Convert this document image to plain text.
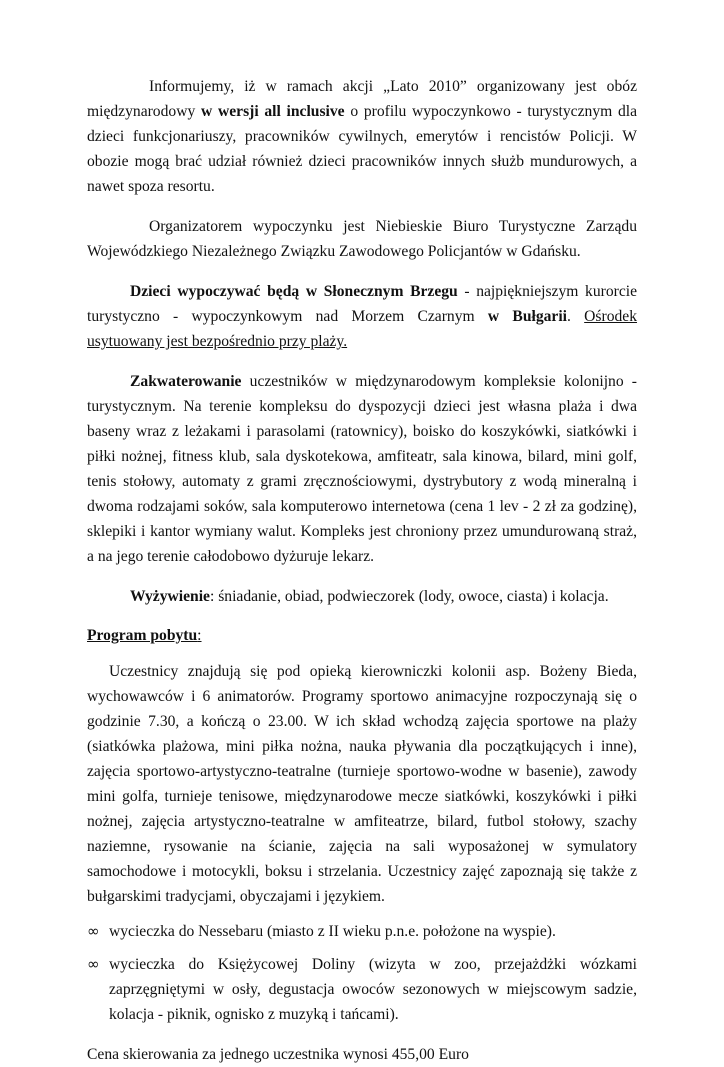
Informujemy, iż w ramach akcji „Lato 2010” organizowany jest obóz międzynarodowy w wersji all inclusive o profilu wypoczynkowo - turystycznym dla dzieci funkcjonariuszy, pracowników cywilnych, emerytów i rencistów Policji. W obozie mogą brać udział również dzieci pracowników innych służb mundurowych, a nawet spoza resortu.

Organizatorem wypoczynku jest Niebieskie Biuro Turystyczne Zarządu Wojewódzkiego Niezależnego Związku Zawodowego Policjantów w Gdańsku.

Dzieci wypoczywać będą w Słonecznym Brzegu - najpiękniejszym kurorcie turystyczno - wypoczynkowym nad Morzem Czarnym w Bułgarii. Ośrodek usytuowany jest bezpośrednio przy plaży.

Zakwaterowanie uczestników w międzynarodowym kompleksie kolonijno - turystycznym. Na terenie kompleksu do dyspozycji dzieci jest własna plaża i dwa baseny wraz z leżakami i parasolami (ratownicy), boisko do koszykówki, siatkówki i piłki nożnej, fitness klub, sala dyskotekowa, amfiteatr, sala kinowa, bilard, mini golf, tenis stołowy, automaty z grami zręcznościowymi, dystrybutory z wodą mineralną i dwoma rodzajami soków, sala komputerowo internetowa (cena 1 lev - 2 zł za godzinę), sklepiki i kantor wymiany walut. Kompleks jest chroniony przez umundurowaną straż, a na jego terenie całodobowo dyżuruje lekarz.

Wyżywienie: śniadanie, obiad, podwieczorek (lody, owoce, ciasta) i kolacja.

Program pobytu:

Uczestnicy znajdują się pod opieką kierowniczki kolonii asp. Bożeny Bieda, wychowawców i 6 animatorów. Programy sportowo animacyjne rozpoczynają się o godzinie 7.30, a kończą o 23.00. W ich skład wchodzą zajęcia sportowe na plaży (siatkówka plażowa, mini piłka nożna, nauka pływania dla początkujących i inne), zajęcia sportowo-artystyczno-teatralne (turnieje sportowo-wodne w basenie), zawody mini golfa, turnieje tenisowe, międzynarodowe mecze siatkówki, koszykówki i piłki nożnej, zajęcia artystyczno-teatralne w amfiteatrze, bilard, futbol stołowy, szachy naziemne, rysowanie na ścianie, zajęcia na sali wyposażonej w symulatory samochodowe i motocykli, boksu i strzelania. Uczestnicy zajęć zapoznają się także z bułgarskimi tradycjami, obyczajami i językiem.

∞ wycieczka do Nessebaru (miasto z II wieku p.n.e. położone na wyspie).
∞ wycieczka do Księżycowej Doliny (wizyta w zoo, przejażdżki wózkami zaprzęgniętymi w osły, degustacja owoców sezonowych w miejscowym sadzie, kolacja - piknik, ognisko z muzyką i tańcami).

Cena skierowania za jednego uczestnika wynosi 455,00 Euro
